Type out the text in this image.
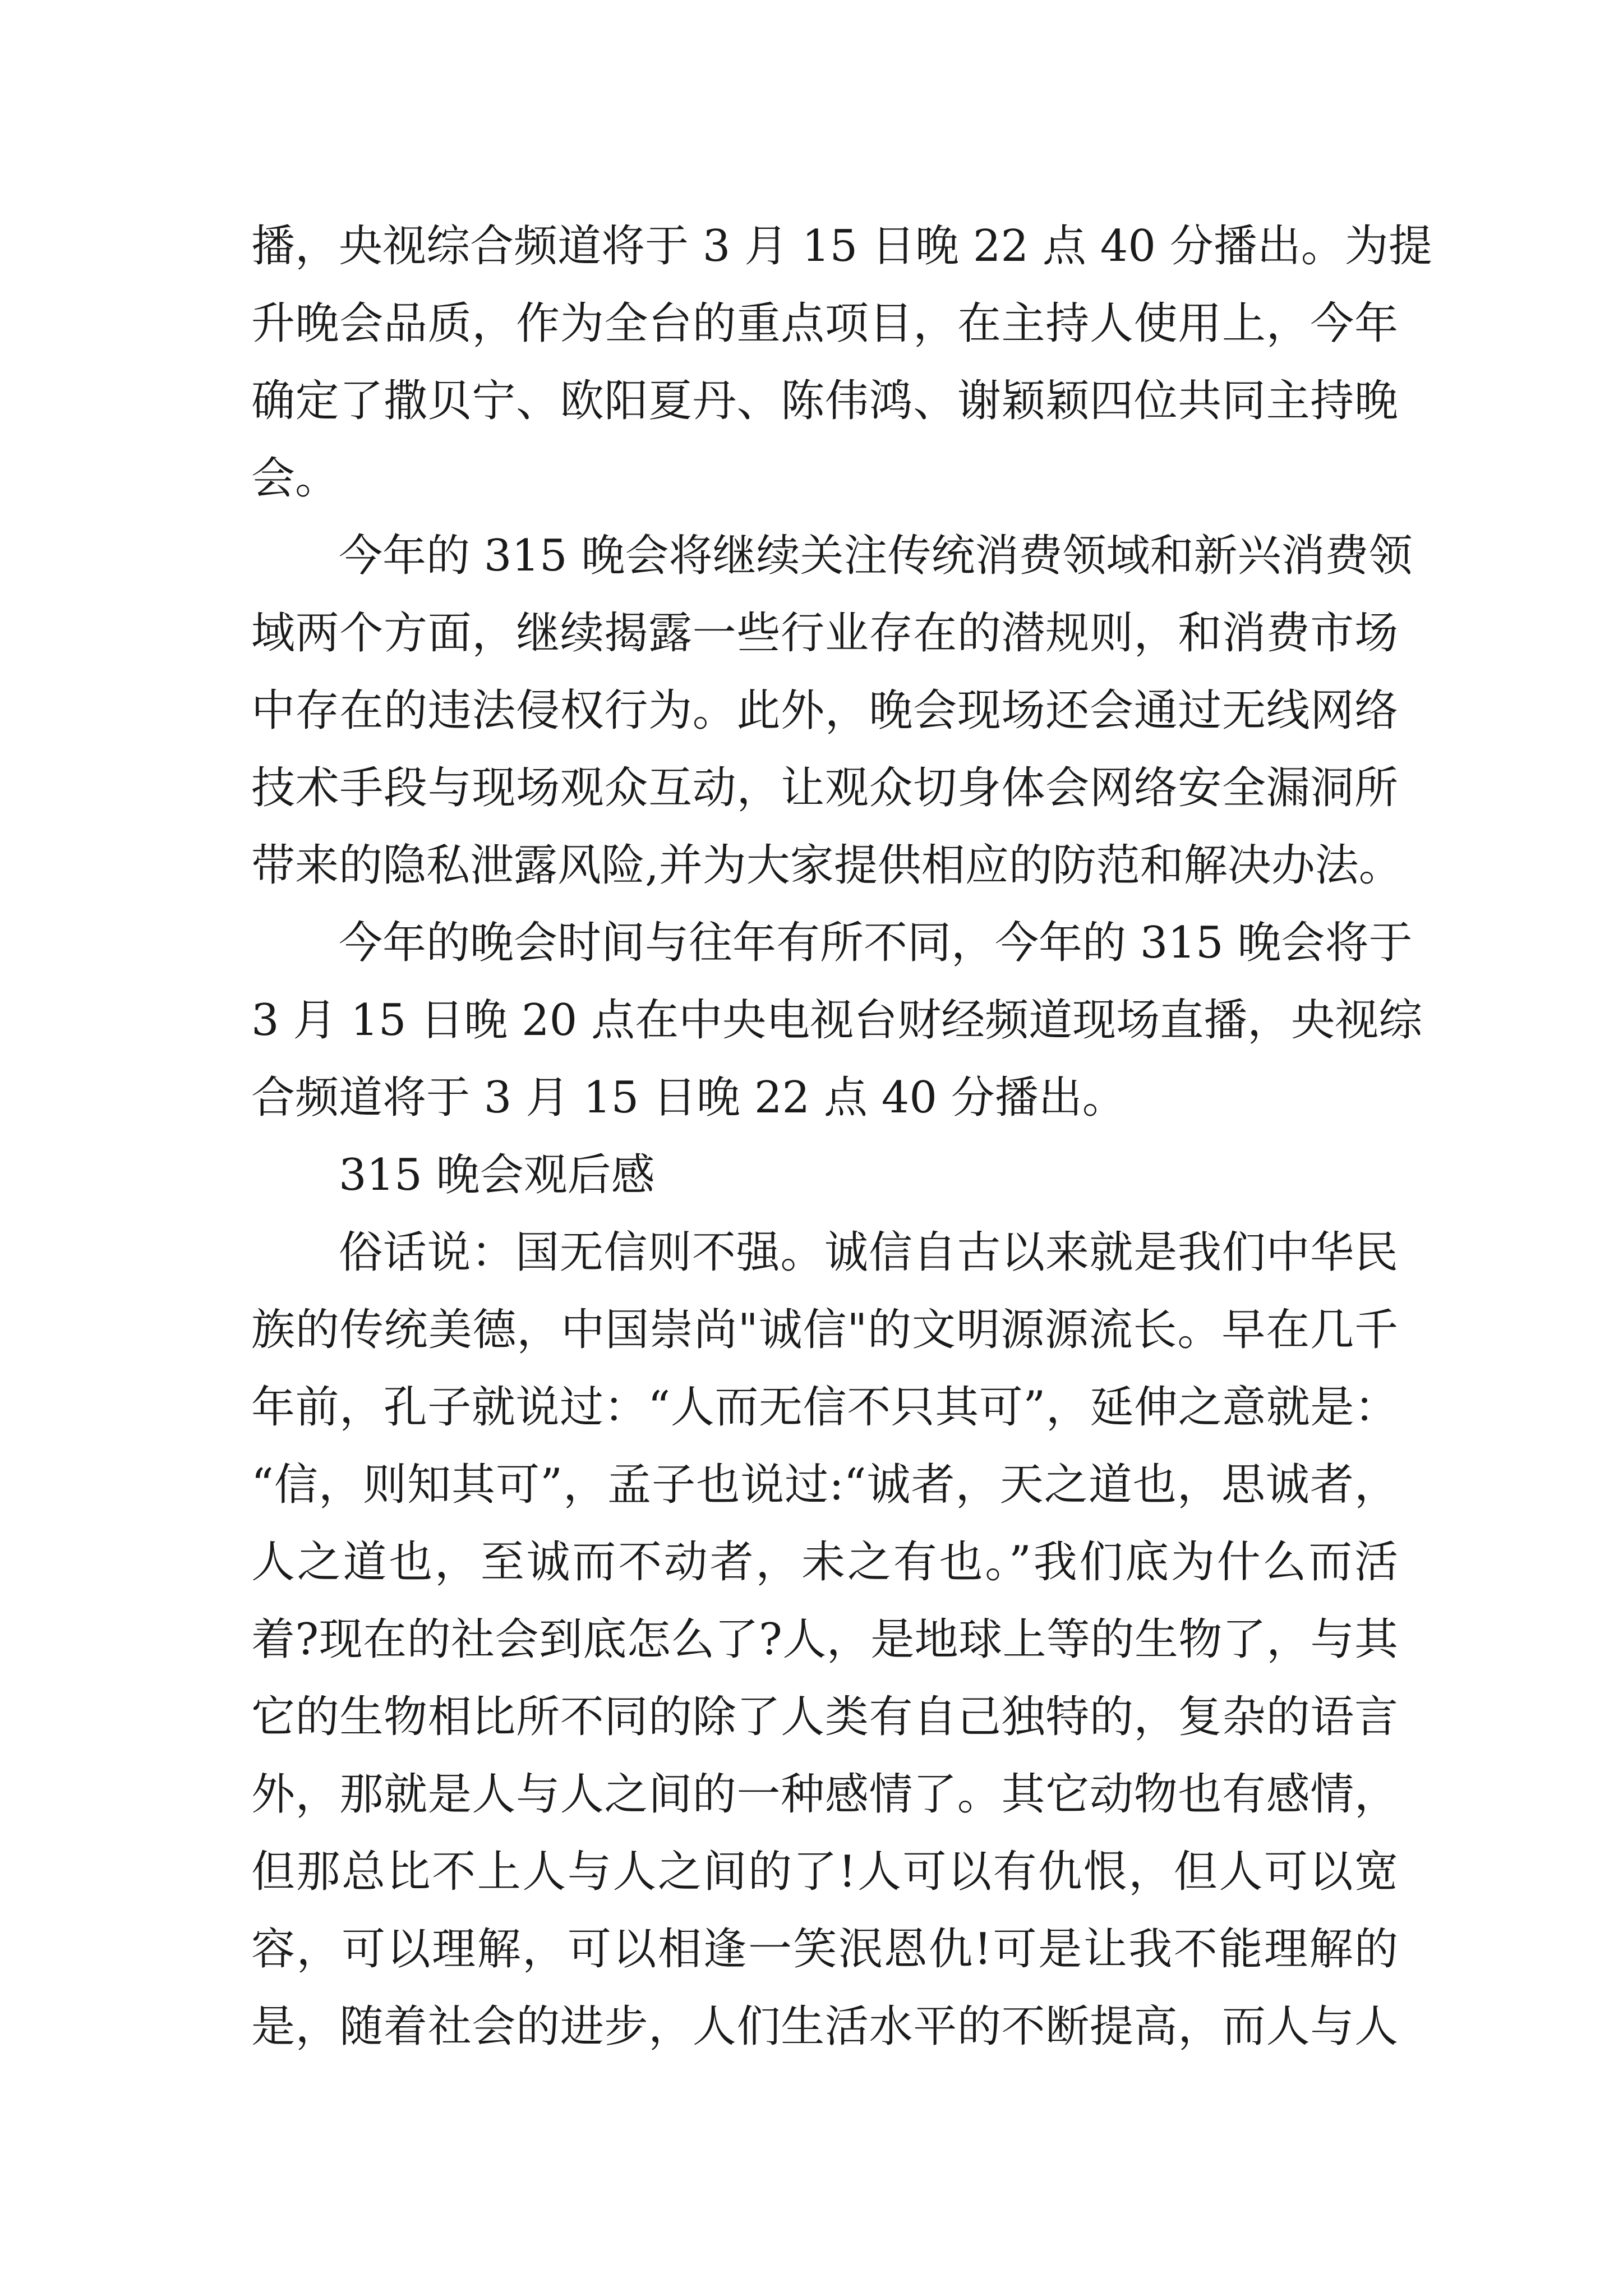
播，央视综合频道将于 3 月 15 日晚 22 点 40 分播出。为提
升晚会品质，作为全台的重点项目，在主持人使用上，今年
确定了撒贝宁、欧阳夏丹、陈伟鸿、谢颖颖四位共同主持晚
会。
今年的 315 晚会将继续关注传统消费领域和新兴消费领
域两个方面，继续揭露一些行业存在的潜规则，和消费市场
中存在的违法侵权行为。此外，晚会现场还会通过无线网络
技术手段与现场观众互动，让观众切身体会网络安全漏洞所
带来的隐私泄露风险,并为大家提供相应的防范和解决办法。
今年的晚会时间与往年有所不同，今年的 315 晚会将于
3 月 15 日晚 20 点在中央电视台财经频道现场直播，央视综
合频道将于 3 月 15 日晚 22 点 40 分播出。
315 晚会观后感
俗话说：国无信则不强。诚信自古以来就是我们中华民
族的传统美德，中国崇尚"诚信"的文明源源流长。早在几千
年前，孔子就说过：“人而无信不只其可”，延伸之意就是：
“信，则知其可”，孟子也说过:“诚者，天之道也，思诚者，
人之道也，至诚而不动者，未之有也。”我们底为什么而活
着?现在的社会到底怎么了?人，是地球上等的生物了，与其
它的生物相比所不同的除了人类有自己独特的，复杂的语言
外，那就是人与人之间的一种感情了。其它动物也有感情，
但那总比不上人与人之间的了!人可以有仇恨，但人可以宽
容，可以理解，可以相逢一笑泯恩仇!可是让我不能理解的
是，随着社会的进步，人们生活水平的不断提高，而人与人
